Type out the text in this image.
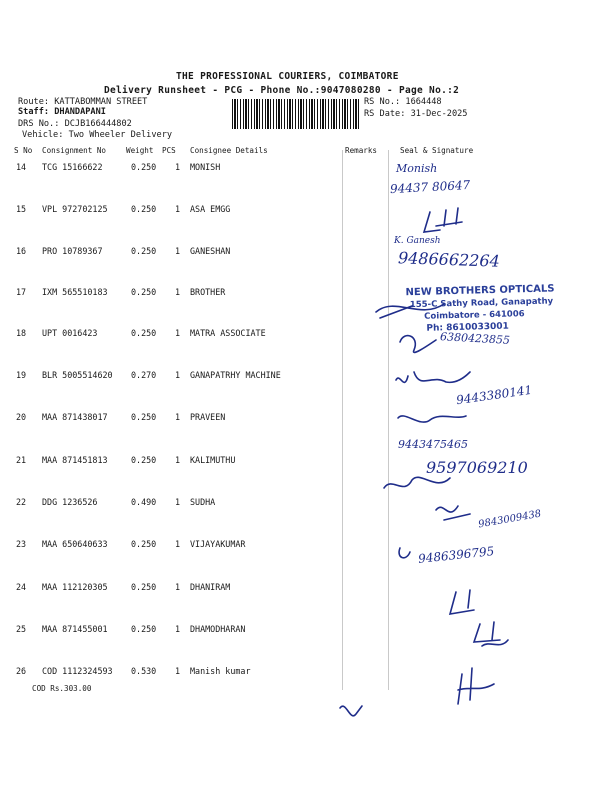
THE PROFESSIONAL COURIERS, COIMBATORE
Delivery Runsheet - PCG - Phone No.:9047080280 - Page No.:2
Route: KATTABOMMAN STREET
Staff: DHANDAPANI
DRS No.: DCJB166444802
Vehicle: Two Wheeler Delivery
RS No.: 1664448
RS Date: 31-Dec-2025
S No Consignment No	Weight PCS Consignee Details	Remarks	Seal & Signature
14 TCG 15166622	0.250 1 MONISH
15 VPL 972702125	0.250 1 ASA EMGG
16 PRO 10789367	0.250 1 GANESHAN
17 IXM 565510183	0.250 1 BROTHER
18 UPT 0016423	0.250 1 MATRA ASSOCIATE
19 BLR 5005514620 0.270 1 GANAPATRHY MACHINE
20 MAA 871438017	0.250 1 PRAVEEN
21 MAA 871451813	0.250 1 KALIMUTHU
22 DDG 1236526	0.490 1 SUDHA
23 MAA 650640633	0.250 1 VIJAYAKUMAR
24 MAA 112120305	0.250 1 DHANIRAM
25 MAA 871455001	0.250 1 DHAMODHARAN
26 COD 1112324593 0.530 1 Manish kumar
COD Rs.303.00
NEW BROTHERS OPTICALS
155-C Sathy Road, Ganapathy
Coimbatore - 641006
Ph: 8610033001
Monish
94437 80647
K. Ganesh
9486662264
6380423855
9443380141
9443475465
9597069210
9843009438
9486396795
